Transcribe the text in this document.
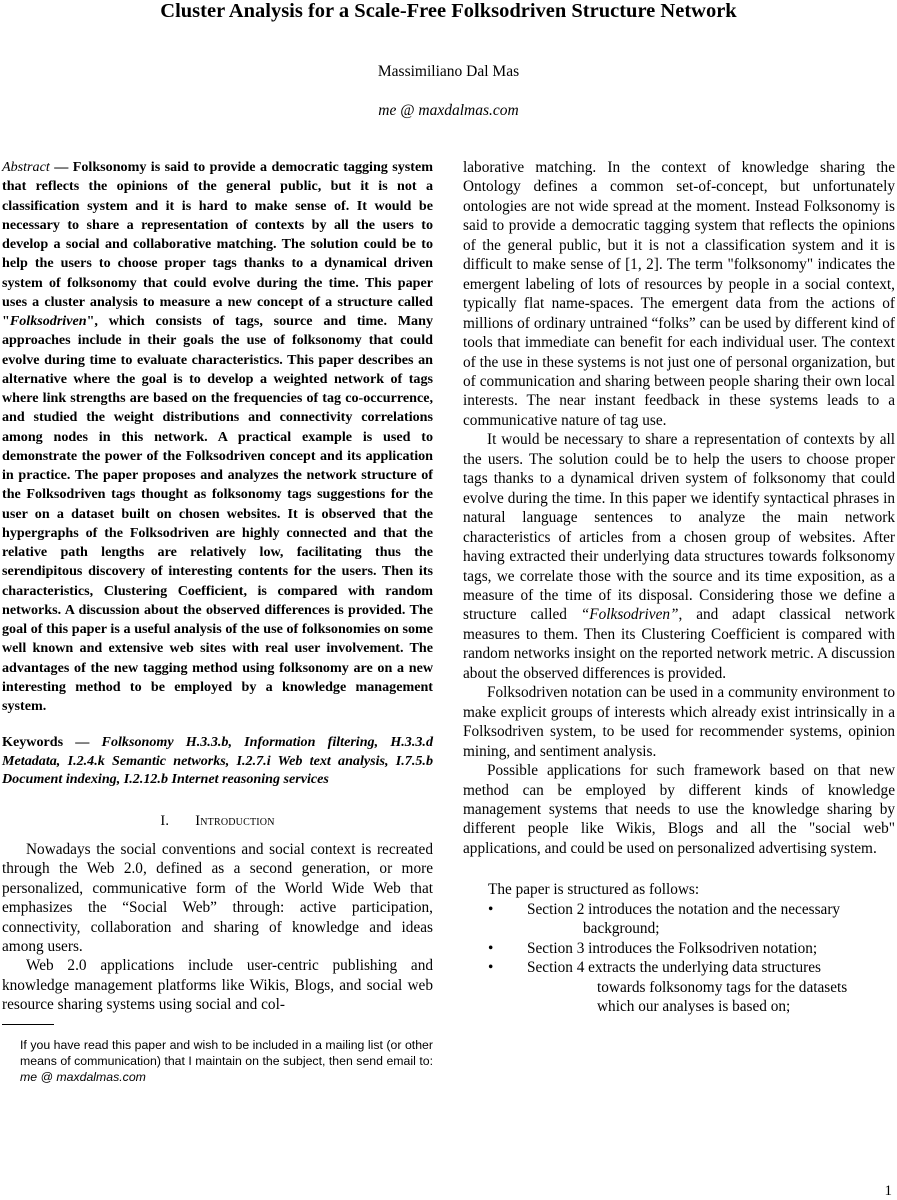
Cluster Analysis for a Scale-Free Folksodriven Structure Network
Massimiliano Dal Mas
me @ maxdalmas.com

Abstract — Folksonomy is said to provide a democratic tagging system that reflects the opinions of the general public, but it is not a classification system and it is hard to make sense of. It would be necessary to share a representation of contexts by all the users to develop a social and collaborative matching. The solution could be to help the users to choose proper tags thanks to a dynamical driven system of folksonomy that could evolve during the time. This paper uses a cluster analysis to measure a new concept of a structure called "Folksodriven", which consists of tags, source and time. Many approaches include in their goals the use of folksonomy that could evolve during time to evaluate characteristics. This paper describes an alternative where the goal is to develop a weighted network of tags where link strengths are based on the frequencies of tag co-occurrence, and studied the weight distributions and connectivity correlations among nodes in this network. A practical example is used to demonstrate the power of the Folksodriven concept and its application in practice. The paper proposes and analyzes the network structure of the Folksodriven tags thought as folksonomy tags suggestions for the user on a dataset built on chosen websites. It is observed that the hypergraphs of the Folksodriven are highly connected and that the relative path lengths are relatively low, facilitating thus the serendipitous discovery of interesting contents for the users. Then its characteristics, Clustering Coefficient, is compared with random networks. A discussion about the observed differences is provided. The goal of this paper is a useful analysis of the use of folksonomies on some well known and extensive web sites with real user involvement. The advantages of the new tagging method using folksonomy are on a new interesting method to be employed by a knowledge management system.

Keywords — Folksonomy H.3.3.b, Information filtering, H.3.3.d Metadata, I.2.4.k Semantic networks, I.2.7.i Web text analysis, I.7.5.b Document indexing, I.2.12.b Internet reasoning services

I. Introduction

Nowadays the social conventions and social context is recreated through the Web 2.0, defined as a second generation, or more personalized, communicative form of the World Wide Web that emphasizes the “Social Web” through: active participation, connectivity, collaboration and sharing of knowledge and ideas among users.

Web 2.0 applications include user-centric publishing and knowledge management platforms like Wikis, Blogs, and social web resource sharing systems using social and col-

If you have read this paper and wish to be included in a mailing list (or other means of communication) that I maintain on the subject, then send email to: me @ maxdalmas.com

laborative matching. In the context of knowledge sharing the Ontology defines a common set-of-concept, but unfortunately ontologies are not wide spread at the moment. Instead Folksonomy is said to provide a democratic tagging system that reflects the opinions of the general public, but it is not a classification system and it is difficult to make sense of [1, 2]. The term "folksonomy" indicates the emergent labeling of lots of resources by people in a social context, typically flat name-spaces. The emergent data from the actions of millions of ordinary untrained “folks” can be used by different kind of tools that immediate can benefit for each individual user. The context of the use in these systems is not just one of personal organization, but of communication and sharing between people sharing their own local interests. The near instant feedback in these systems leads to a communicative nature of tag use.

It would be necessary to share a representation of contexts by all the users. The solution could be to help the users to choose proper tags thanks to a dynamical driven system of folksonomy that could evolve during the time. In this paper we identify syntactical phrases in natural language sentences to analyze the main network characteristics of articles from a chosen group of websites. After having extracted their underlying data structures towards folksonomy tags, we correlate those with the source and its time exposition, as a measure of the time of its disposal. Considering those we define a structure called “Folksodriven”, and adapt classical network measures to them. Then its Clustering Coefficient is compared with random networks insight on the reported network metric. A discussion about the observed differences is provided.

Folksodriven notation can be used in a community environment to make explicit groups of interests which already exist intrinsically in a Folksodriven system, to be used for recommender systems, opinion mining, and sentiment analysis.

Possible applications for such framework based on that new method can be employed by different kinds of knowledge management systems that needs to use the knowledge sharing by different people like Wikis, Blogs and all the "social web" applications, and could be used on personalized advertising system.

The paper is structured as follows:
• Section 2 introduces the notation and the necessary
background;
• Section 3 introduces the Folksodriven notation;
• Section 4 extracts the underlying data structures
towards folksonomy tags for the datasets
which our analyses is based on;
1
